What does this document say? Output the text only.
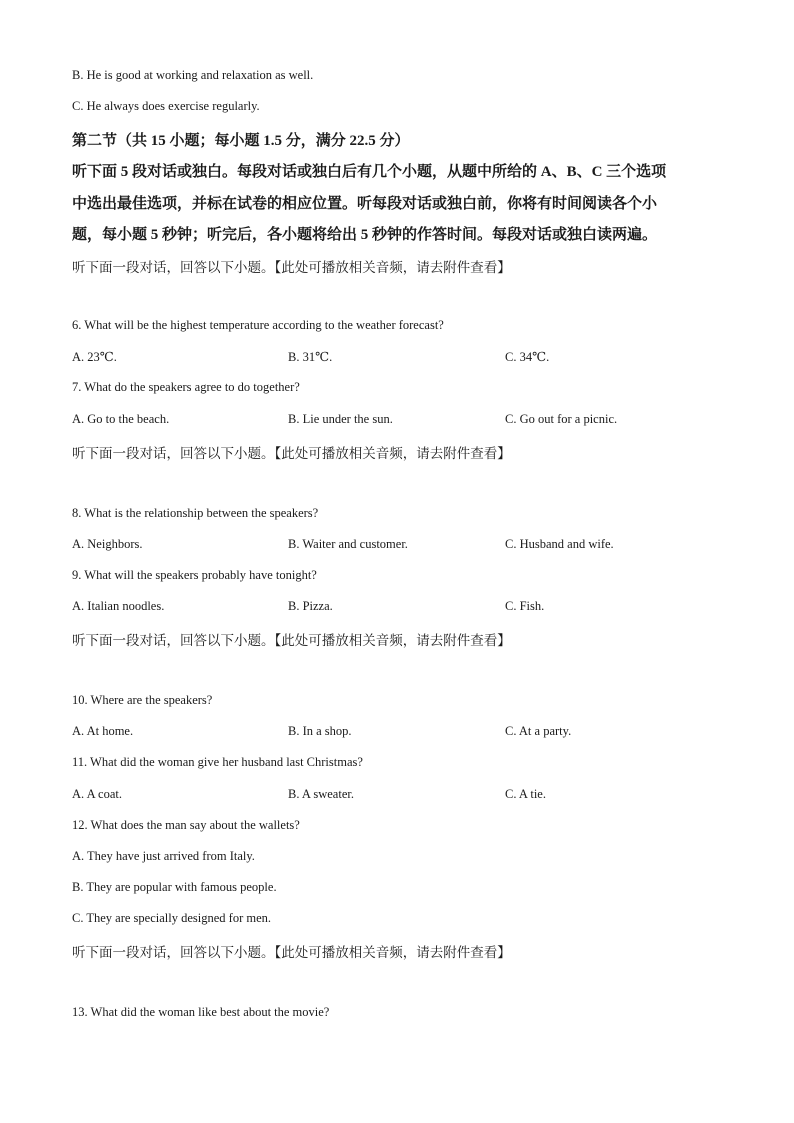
B. He is good at working and relaxation as well.
C. He always does exercise regularly.
第二节（共 15 小题；每小题 1.5 分，满分 22.5 分）
听下面 5 段对话或独白。每段对话或独白后有几个小题，从题中所给的 A、B、C 三个选项
中选出最佳选项，并标在试卷的相应位置。听每段对话或独白前，你将有时间阅读各个小
题，每小题 5 秒钟；听完后，各小题将给出 5 秒钟的作答时间。每段对话或独白读两遍。
听下面一段对话，回答以下小题。【此处可播放相关音频，请去附件查看】
6. What will be the highest temperature according to the weather forecast?
A. 23℃.	B. 31℃.	C. 34℃.
7. What do the speakers agree to do together?
A. Go to the beach.	B. Lie under the sun.	C. Go out for a picnic.
听下面一段对话，回答以下小题。【此处可播放相关音频，请去附件查看】
8. What is the relationship between the speakers?
A. Neighbors.	B. Waiter and customer.	C. Husband and wife.
9. What will the speakers probably have tonight?
A. Italian noodles.	B. Pizza.	C. Fish.
听下面一段对话，回答以下小题。【此处可播放相关音频，请去附件查看】
10. Where are the speakers?
A. At home.	B. In a shop.	C. At a party.
11. What did the woman give her husband last Christmas?
A. A coat.	B. A sweater.	C. A tie.
12. What does the man say about the wallets?
A. They have just arrived from Italy.
B. They are popular with famous people.
C. They are specially designed for men.
听下面一段对话，回答以下小题。【此处可播放相关音频，请去附件查看】
13. What did the woman like best about the movie?
